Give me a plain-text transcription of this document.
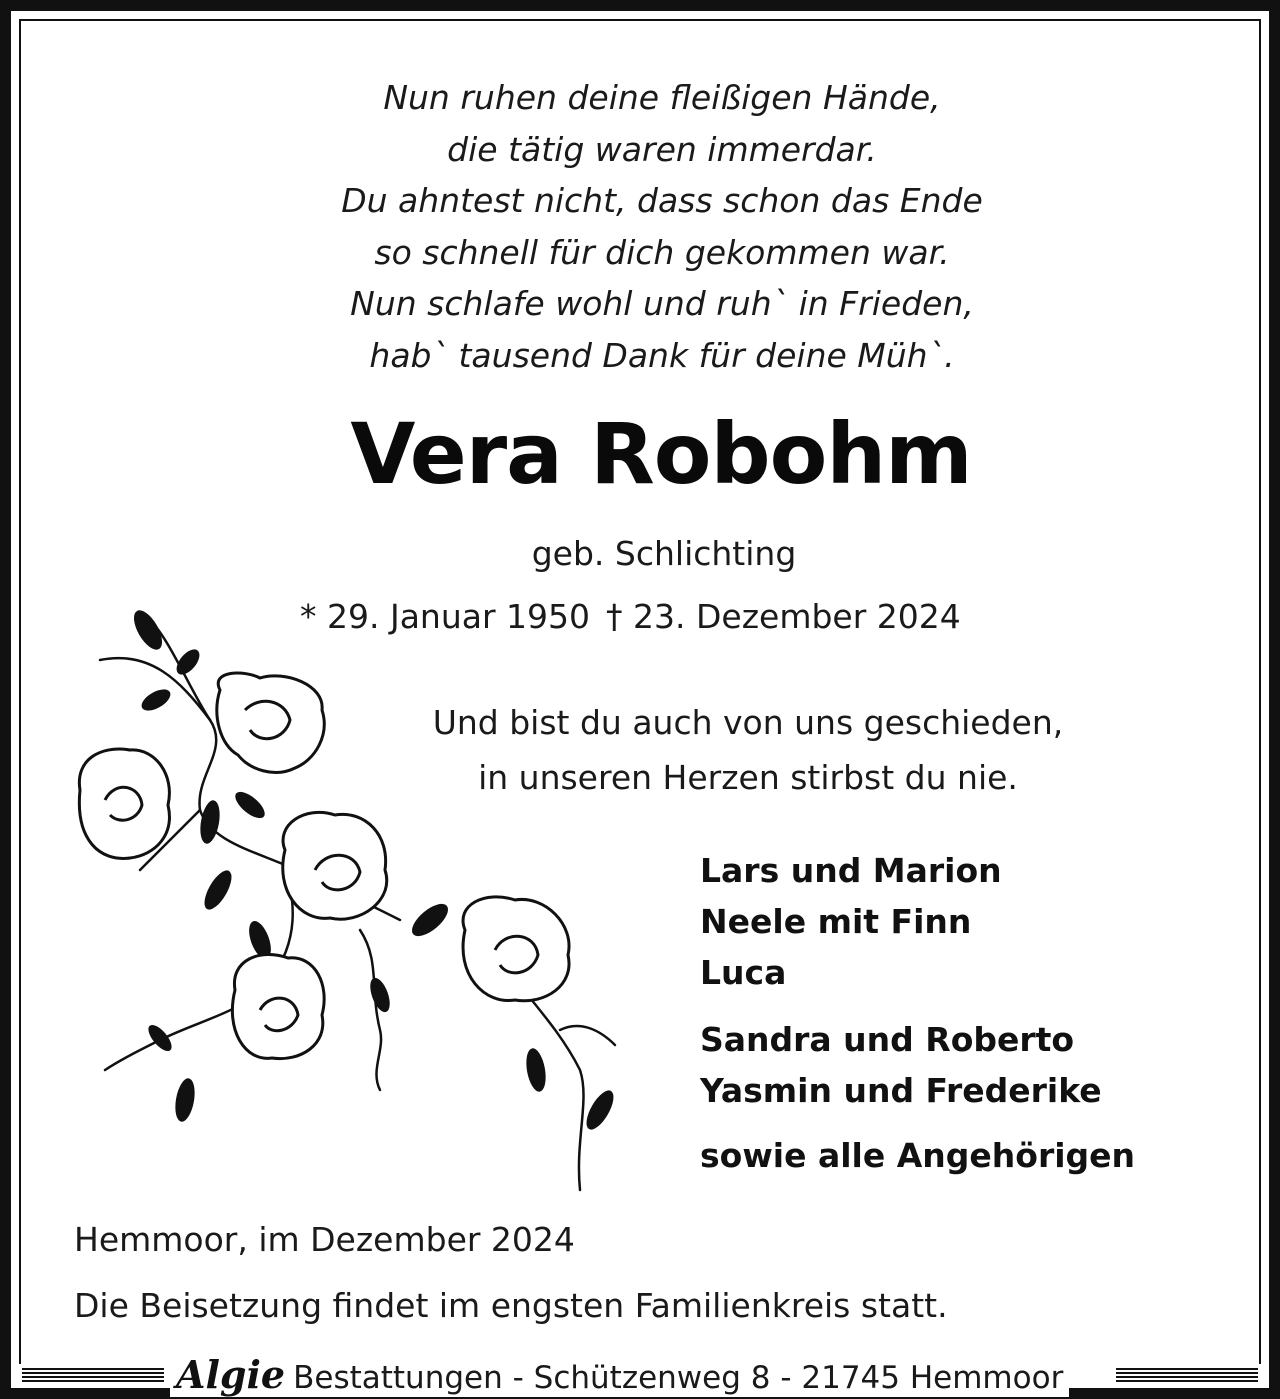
Nun ruhen deine fleißigen Hände,
die tätig waren immerdar.
Du ahntest nicht, dass schon das Ende
so schnell für dich gekommen war.
Nun schlafe wohl und ruh` in Frieden,
hab` tausend Dank für deine Müh`.
Vera Robohm
geb. Schlichting
* 29. Januar 1950 † 23. Dezember 2024
Und bist du auch von uns geschieden,
in unseren Herzen stirbst du nie.
Lars und Marion
Neele mit Finn
Luca
Sandra und Roberto
Yasmin und Frederike
sowie alle Angehörigen
Hemmoor, im Dezember 2024
Die Beisetzung findet im engsten Familienkreis statt.
Algie Bestattungen - Schützenweg 8 - 21745 Hemmoor
